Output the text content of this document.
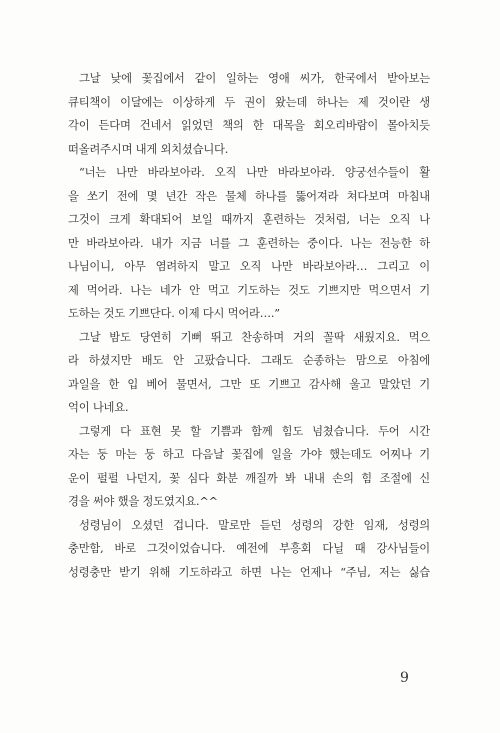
그날 낮에 꽃집에서 같이 일하는 영애 씨가, 한국에서 받아보는
큐티책이 이달에는 이상하게 두 권이 왔는데 하나는 제 것이란 생
각이 든다며 건네서 읽었던 책의 한 대목을 회오리바람이 몰아치듯
떠올려주시며 내게 외치셨습니다.
“너는 나만 바라보아라. 오직 나만 바라보아라. 양궁선수들이 활
을 쏘기 전에 몇 년간 작은 물체 하나를 뚫어져라 쳐다보며 마침내
그것이 크게 확대되어 보일 때까지 훈련하는 것처럼, 너는 오직 나
만 바라보아라. 내가 지금 너를 그 훈련하는 중이다. 나는 전능한 하
나님이니, 아무 염려하지 말고 오직 나만 바라보아라… 그리고 이
제 먹어라. 나는 네가 안 먹고 기도하는 것도 기쁘지만 먹으면서 기
도하는 것도 기쁘단다. 이제 다시 먹어라….”
그날 밤도 당연히 기뻐 뛰고 찬송하며 거의 꼴딱 새웠지요. 먹으
라 하셨지만 배도 안 고팠습니다. 그래도 순종하는 맘으로 아침에
과일을 한 입 베어 물면서, 그만 또 기쁘고 감사해 울고 말았던 기
억이 나네요.
그렇게 다 표현 못 할 기쁨과 함께 힘도 넘쳤습니다. 두어 시간
자는 둥 마는 둥 하고 다음날 꽃집에 일을 가야 했는데도 어찌나 기
운이 펄펄 나던지, 꽃 심다 화분 깨질까 봐 내내 손의 힘 조절에 신
경을 써야 했을 정도였지요.^^
성령님이 오셨던 겁니다. 말로만 듣던 성령의 강한 임재, 성령의
충만함, 바로 그것이었습니다. 예전에 부흥회 다닐 때 강사님들이
성령충만 받기 위해 기도하라고 하면 나는 언제나 “주님, 저는 싫습
9
